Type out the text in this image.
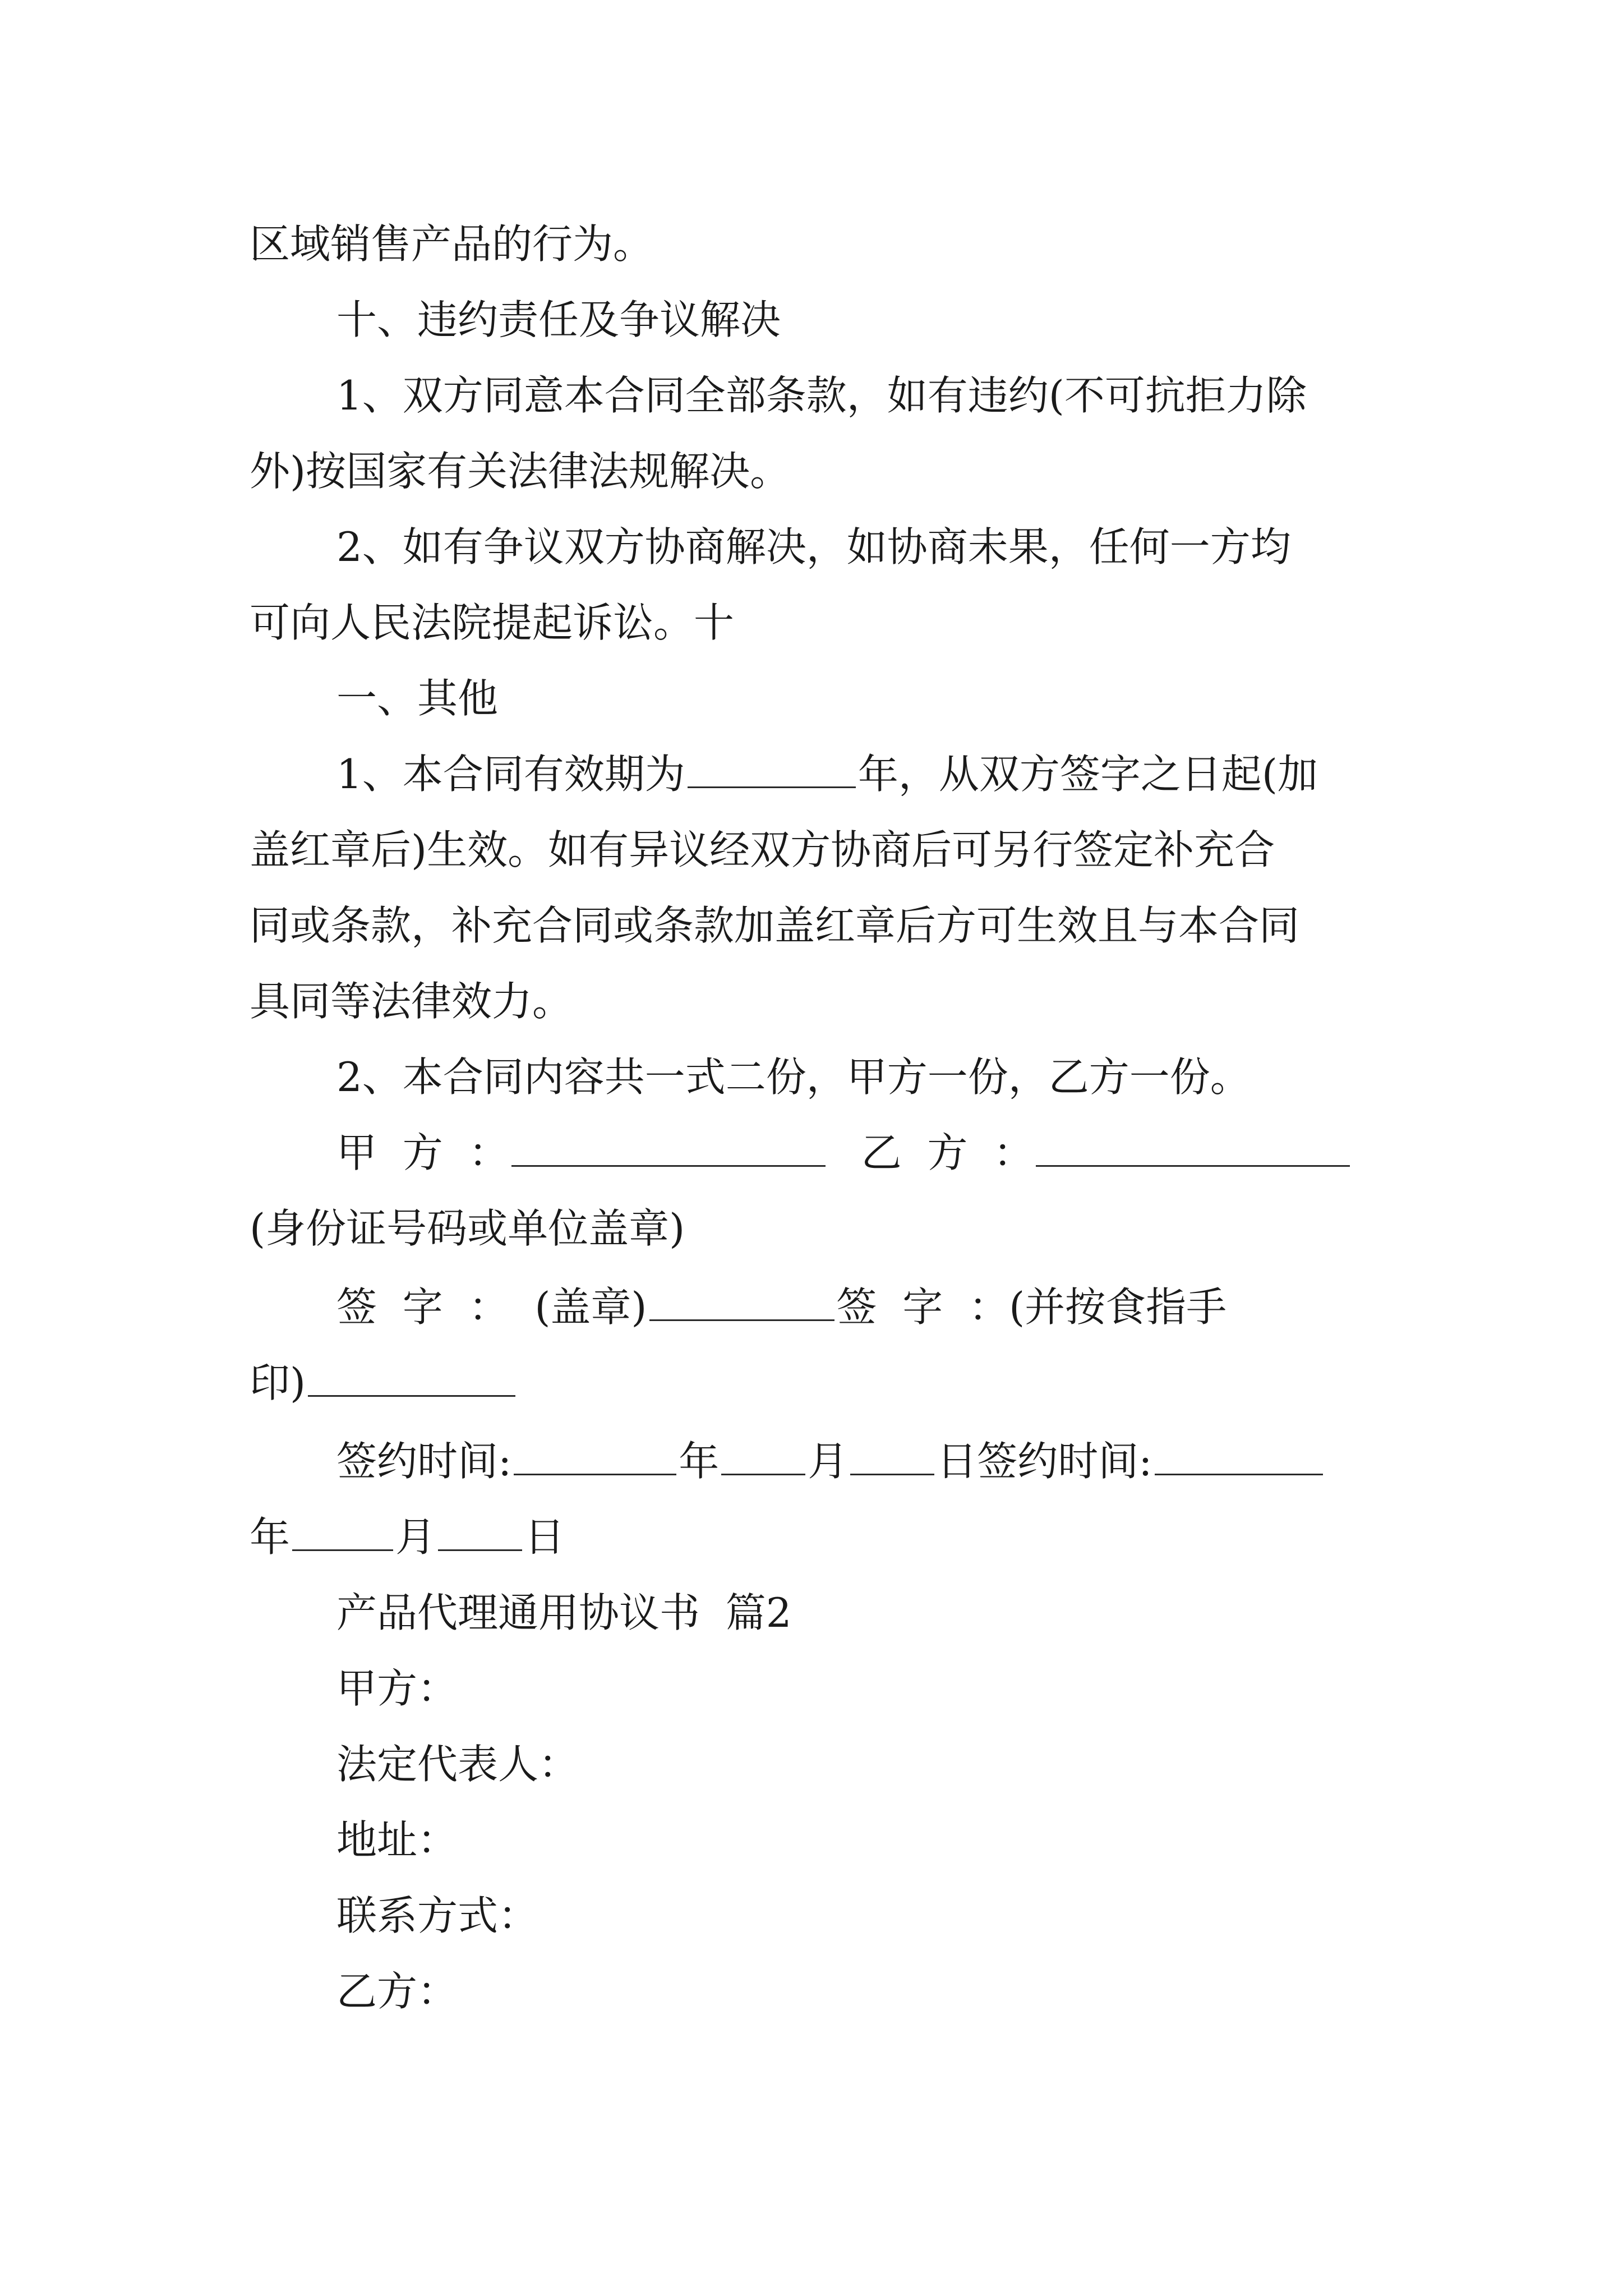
区域销售产品的行为。
十、违约责任及争议解决
1、双方同意本合同全部条款，如有违约(不可抗拒力除
外)按国家有关法律法规解决。
2、如有争议双方协商解决，如协商未果，任何一方均
可向人民法院提起诉讼。十
一、其他
1、本合同有效期为	年，从双方签字之日起(加
盖红章后)生效。如有异议经双方协商后可另行签定补充合
同或条款，补充合同或条款加盖红章后方可生效且与本合同
具同等法律效力。
2、本合同内容共一式二份，甲方一份，乙方一份。
甲  方  ：	乙  方  ：
(身份证号码或单位盖章)
签  字  ：  (盖章)	签  字  ：(并按食指手
印)
签约时间:	年 月 日签约时间:
年	月 日
产品代理通用协议书  篇2
甲方：
法定代表人：
地址：
联系方式：
乙方：
